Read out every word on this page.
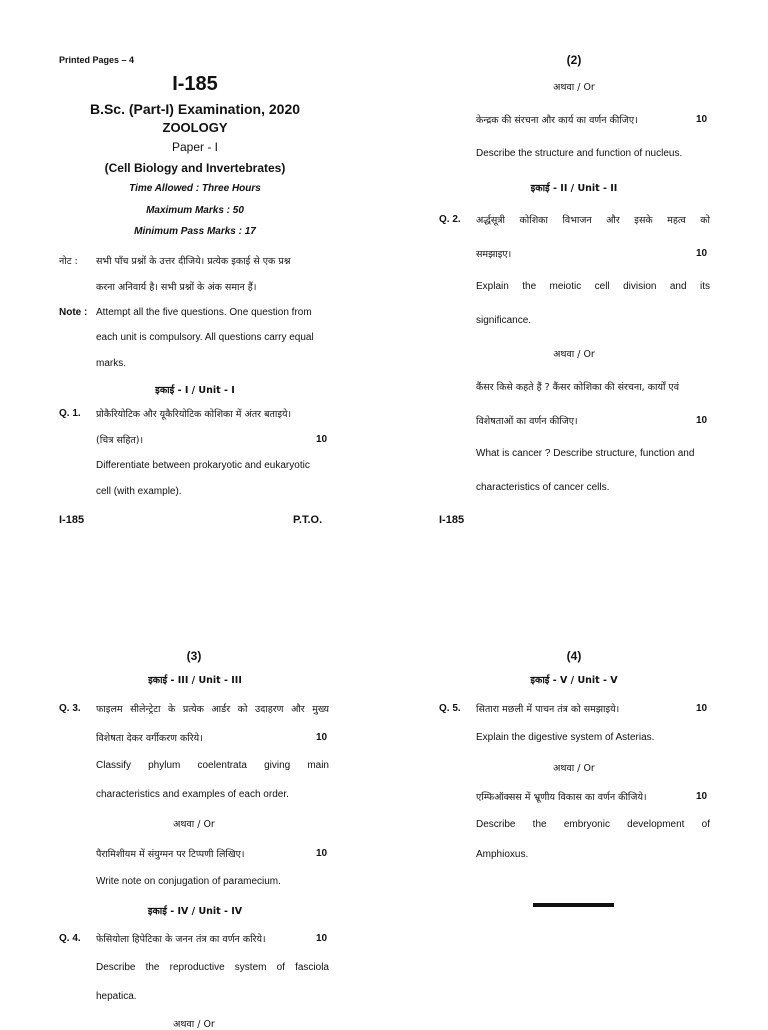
Printed Pages – 4
I-185
B.Sc. (Part-I) Examination, 2020
ZOOLOGY
Paper - I
(Cell Biology and Invertebrates)
Time Allowed : Three Hours
Maximum Marks : 50
Minimum Pass Marks : 17
नोट : सभी पाँच प्रश्नों के उत्तर दीजिये। प्रत्येक इकाई से एक प्रश्न
करना अनिवार्य है। सभी प्रश्नों के अंक समान हैं।
Note : Attempt all the five questions. One question from
each unit is compulsory. All questions carry equal
marks.
इकाई - I / Unit - I
Q. 1. प्रोकैरियोटिक और यूकैरियोटिक कोशिका में अंतर बताइये।
(चित्र सहित)।	10
Differentiate between prokaryotic and eukaryotic
cell (with example).
I-185	P.T.O.
(2)
अथवा / Or
केन्द्रक की संरचना और कार्य का वर्णन कीजिए।	10
Describe the structure and function of nucleus.
इकाई - II / Unit - II
Q. 2. अर्द्धसूत्री कोशिका विभाजन और इसके महत्व को
समझाइए।	10
Explain the meiotic cell division and its
significance.
अथवा / Or
कैंसर किसे कहते हैं ? कैंसर कोशिका की संरचना, कार्यों एवं
विशेषताओं का वर्णन कीजिए।	10
What is cancer ? Describe structure, function and
characteristics of cancer cells.
I-185
(3)
इकाई - III / Unit - III
Q. 3. फाइलम सीलेन्ट्रेटा के प्रत्येक आर्डर को उदाहरण और मुख्य
विशेषता देकर वर्गीकरण करिये।	10
Classify phylum coelentrata giving main
characteristics and examples of each order.
अथवा / Or
पैरामिशीयम में संयुग्मन पर टिप्पणी लिखिए।	10
Write note on conjugation of paramecium.
इकाई - IV / Unit - IV
Q. 4. फेसियोला हिपेटिका के जनन तंत्र का वर्णन करिये।	10
Describe the reproductive system of fasciola
hepatica.
अथवा / Or
(4)
इकाई - V / Unit - V
Q. 5. सितारा मछली में पाचन तंत्र को समझाइये।	10
Explain the digestive system of Asterias.
अथवा / Or
एम्फिऑक्सस में भ्रूणीय विकास का वर्णन कीजिये।	10
Describe the embryonic development of
Amphioxus.
